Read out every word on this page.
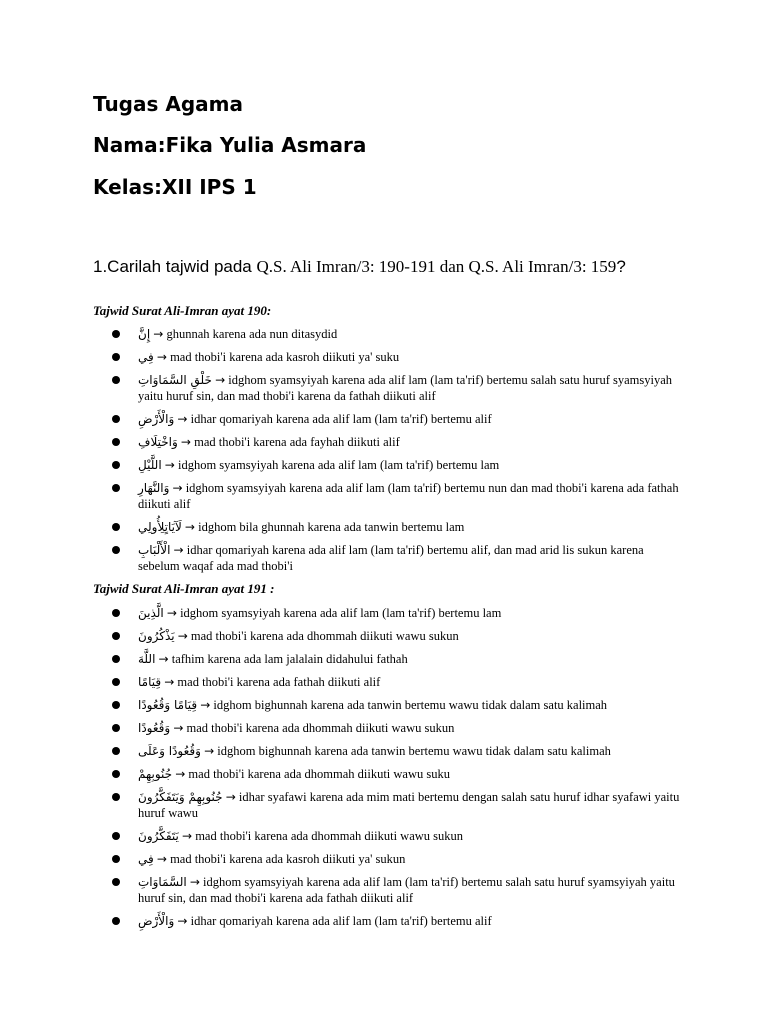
Tugas Agama
Nama:Fika Yulia Asmara
Kelas:XII IPS 1
1.Carilah tajwid pada Q.S. Ali Imran/3: 190-191 dan Q.S. Ali Imran/3: 159?
Tajwid Surat Ali-Imran ayat 190:
إِنَّ → ghunnah karena ada nun ditasydid
فِي → mad thobi'i karena ada kasroh diikuti ya' suku
خَلْقِ السَّمَاوَاتِ → idghom syamsyiyah karena ada alif lam (lam ta'rif) bertemu salah satu huruf syamsyiyah yaitu huruf sin, dan mad thobi'i karena da fathah diikuti alif
وَالْأَرْضِ → idhar qomariyah karena ada alif lam (lam ta'rif) bertemu alif
وَاخْتِلَافِ → mad thobi'i karena ada fayhah diikuti alif
اللَّيْلِ → idghom syamsyiyah karena ada alif lam (lam ta'rif) bertemu lam
وَالنَّهَارِ → idghom syamsyiyah karena ada alif lam (lam ta'rif) bertemu nun dan mad thobi'i karena ada fathah diikuti alif
لَآيَاتٍلِأُولِي → idghom bila ghunnah karena ada tanwin bertemu lam
الْأَلْبَابِ → idhar qomariyah karena ada alif lam (lam ta'rif) bertemu alif, dan mad arid lis sukun karena sebelum waqaf ada mad thobi'i
Tajwid Surat Ali-Imran ayat 191 :
الَّذِينَ → idghom syamsyiyah karena ada alif lam (lam ta'rif) bertemu lam
يَذْكُرُونَ → mad thobi'i karena ada dhommah diikuti wawu sukun
اللَّهَ → tafhim karena ada lam jalalain didahului fathah
قِيَامًا → mad thobi'i karena ada fathah diikuti alif
قِيَامًا وَقُعُودًا → idghom bighunnah karena ada tanwin bertemu wawu tidak dalam satu kalimah
وَقُعُودًا → mad thobi'i karena ada dhommah diikuti wawu sukun
وَقُعُودًا وَعَلَى → idghom bighunnah karena ada tanwin bertemu wawu tidak dalam satu kalimah
جُنُوبِهِمْ → mad thobi'i karena ada dhommah diikuti wawu suku
جُنُوبِهِمْ وَيَتَفَكَّرُونَ → idhar syafawi karena ada mim mati bertemu dengan salah satu huruf idhar syafawi yaitu huruf wawu
يَتَفَكَّرُونَ → mad thobi'i karena ada dhommah diikuti wawu sukun
فِي → mad thobi'i karena ada kasroh diikuti ya' sukun
السَّمَاوَاتِ → idghom syamsyiyah karena ada alif lam (lam ta'rif) bertemu salah satu huruf syamsyiyah yaitu huruf sin, dan mad thobi'i karena ada fathah diikuti alif
وَالْأَرْضِ → idhar qomariyah karena ada alif lam (lam ta'rif) bertemu alif
